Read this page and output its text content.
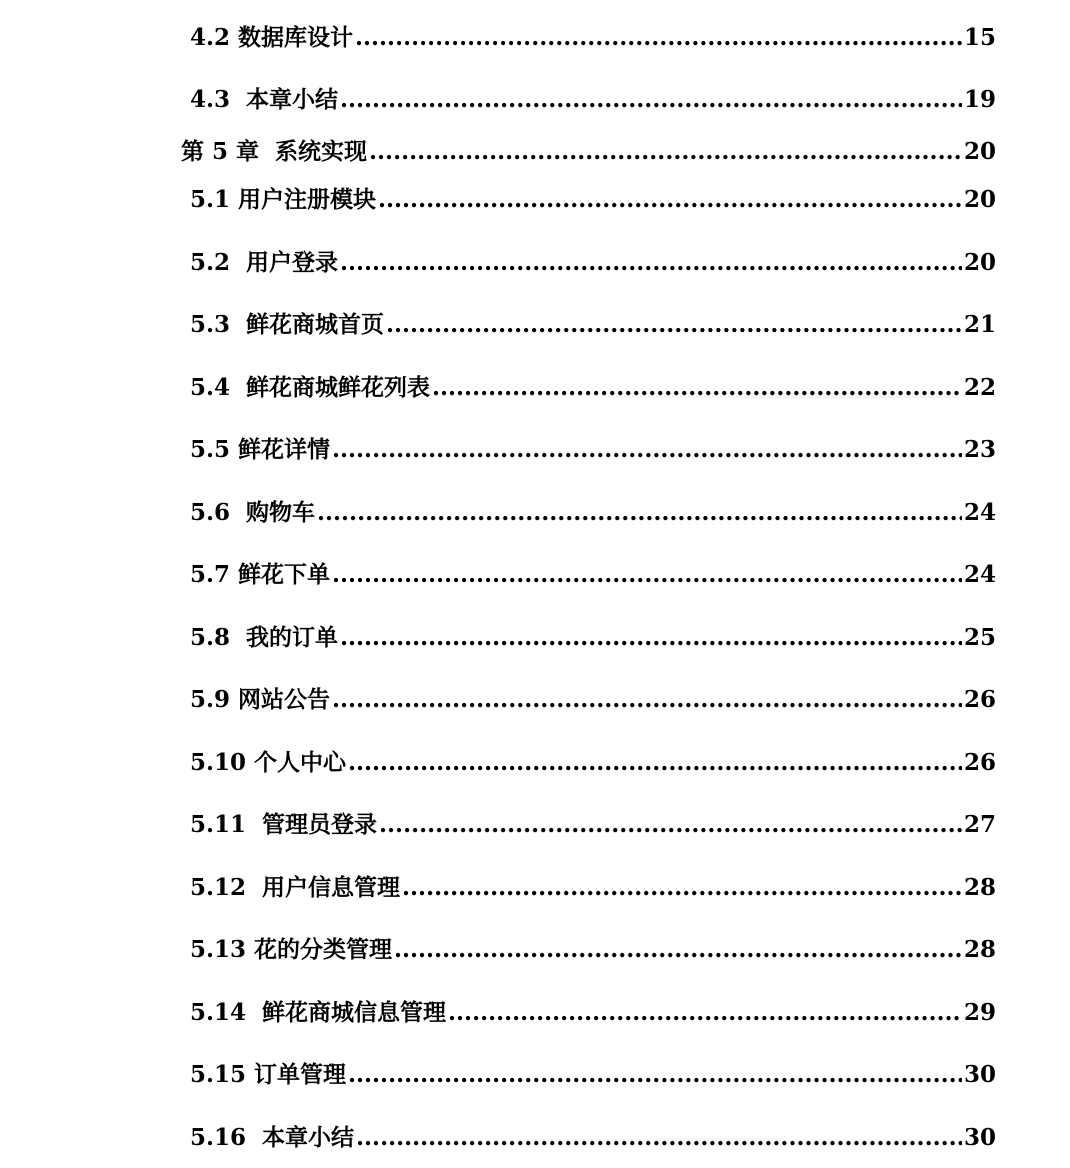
4.2 数据库设计 .....	15
4.3  本章小结 .....	19
第 5 章  系统实现 .....	20
5.1 用户注册模块 .....	20
5.2  用户登录 .....	20
5.3  鲜花商城首页 .....	21
5.4  鲜花商城鲜花列表 .....	22
5.5 鲜花详情 .....	23
5.6  购物车 .....	24
5.7 鲜花下单 .....	24
5.8  我的订单 .....	25
5.9 网站公告 .....	26
5.10 个人中心 .....	26
5.11  管理员登录 .....	27
5.12  用户信息管理 .....	28
5.13 花的分类管理 .....	28
5.14  鲜花商城信息管理 .....	29
5.15 订单管理 .....	30
5.16  本章小结 .....	30
